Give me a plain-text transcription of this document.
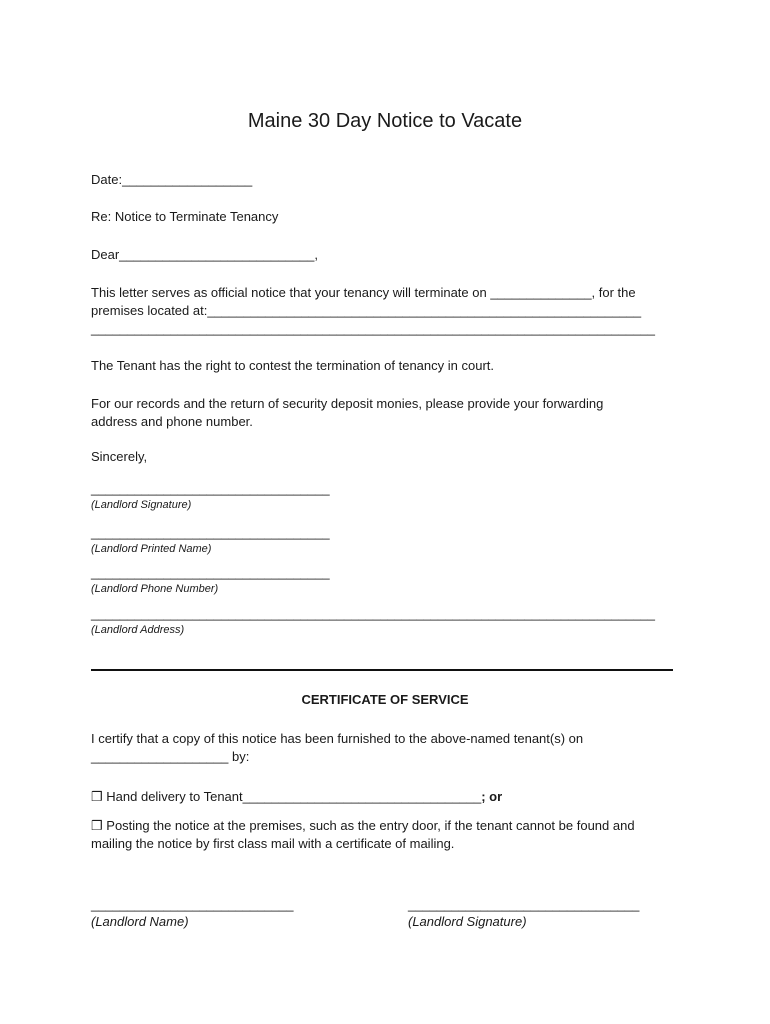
Maine 30 Day Notice to Vacate
Date:__________________
Re: Notice to Terminate Tenancy
Dear___________________________,
This letter serves as official notice that your tenancy will terminate on ______________, for the
premises located at:____________________________________________________________
______________________________________________________________________________
The Tenant has the right to contest the termination of tenancy in court.
For our records and the return of security deposit monies, please provide your forwarding
address and phone number.
Sincerely,
_________________________________
(Landlord Signature)
_________________________________
(Landlord Printed Name)
_________________________________
(Landlord Phone Number)
______________________________________________________________________________
(Landlord Address)
CERTIFICATE OF SERVICE
I certify that a copy of this notice has been furnished to the above-named tenant(s) on
___________________ by:
❒ Hand delivery to Tenant_________________________________; or
❒ Posting the notice at the premises, such as the entry door, if the tenant cannot be found and
mailing the notice by first class mail with a certificate of mailing.
____________________________
(Landlord Name)
________________________________
(Landlord Signature)
